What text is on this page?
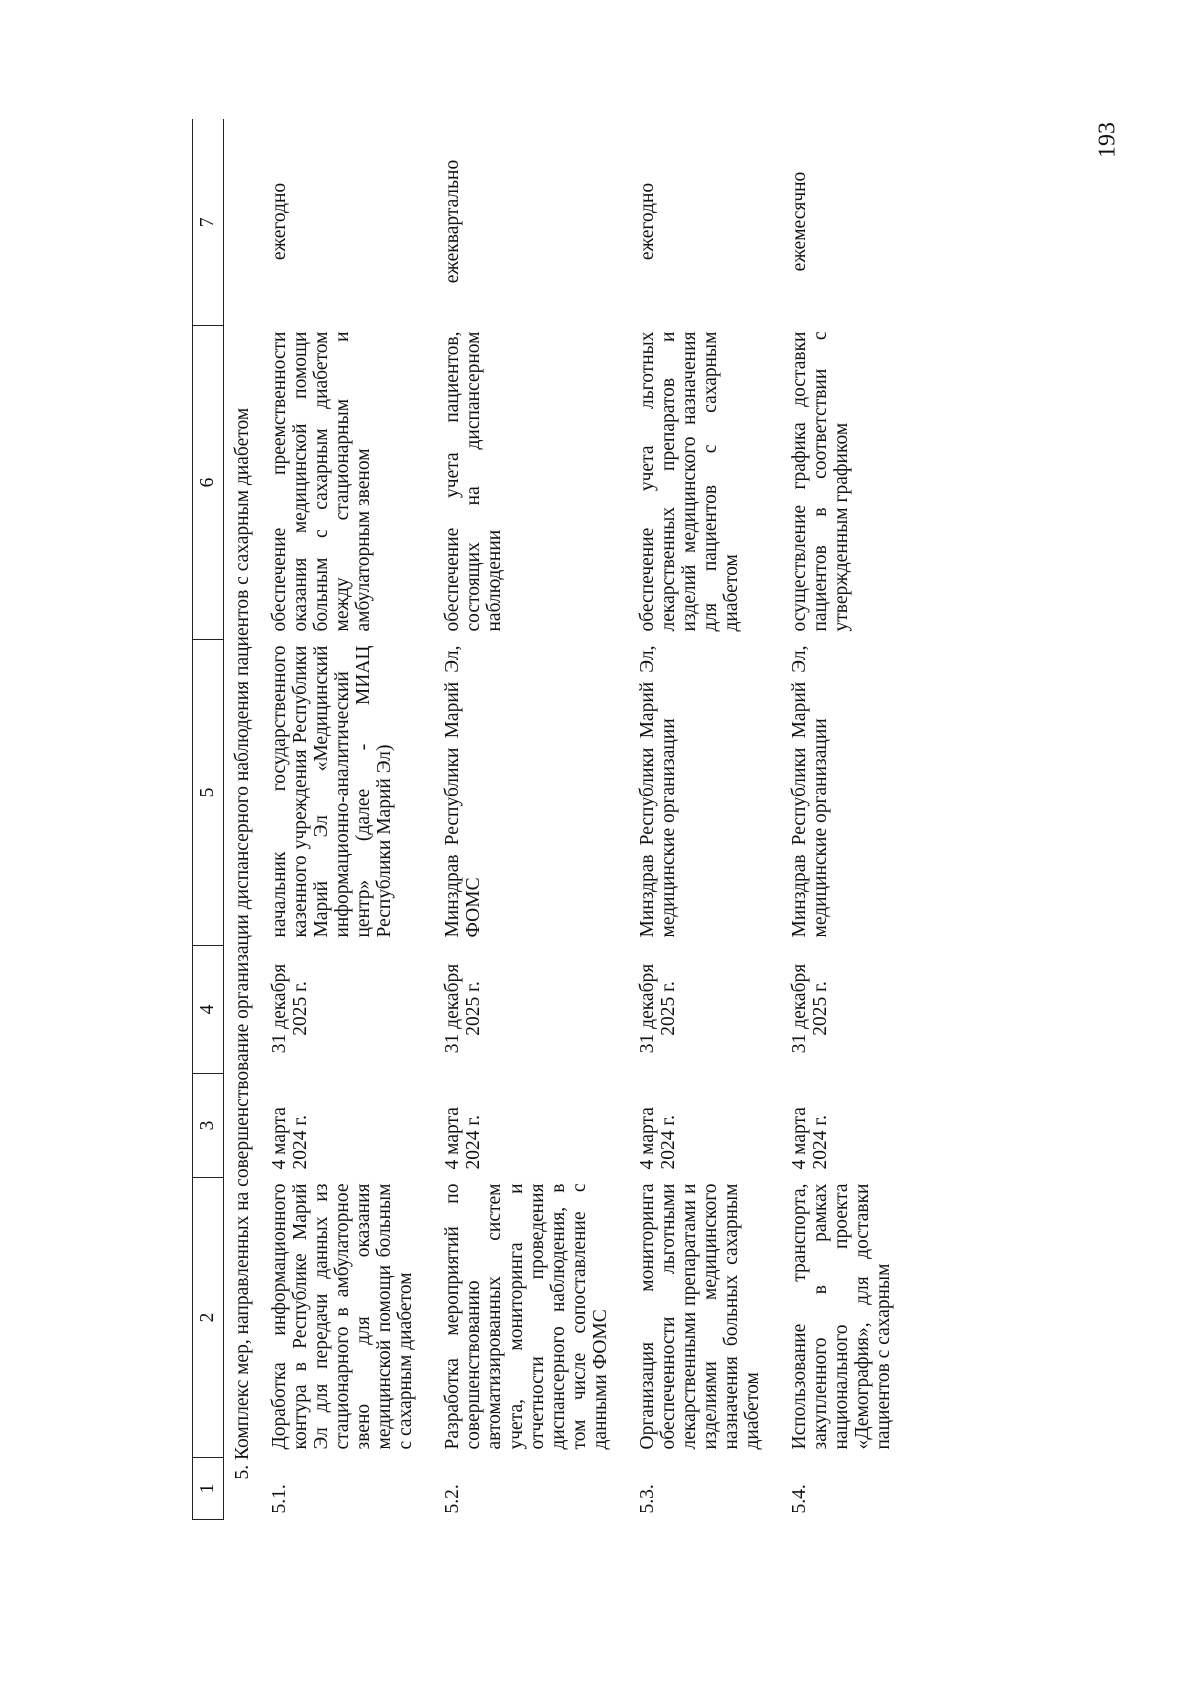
193
1	2	3	4	5	6	7
5. Комплекс мер, направленных на совершенствование организации диспансерного наблюдения пациентов с сахарным диабетом						
5.1.	Доработка информационного контура в Республике Марий Эл для передачи данных из стационарного в амбулаторное звено для оказания медицинской помощи больным с сахарным диабетом	4 марта 2024 г.	31 декабря 2025 г.	начальник государственного казенного учреждения Республики Марий Эл «Медицинский информационно-аналитический центр» (далее - МИАЦ Республики Марий Эл)	обеспечение преемственности оказания медицинской помощи больным с сахарным диабетом между стационарным и амбулаторным звеном	ежегодно
5.2.	Разработка мероприятий по совершенствованию автоматизированных систем учета, мониторинга и отчетности проведения диспансерного наблюдения, в том числе сопоставление с данными ФОМС	4 марта 2024 г.	31 декабря 2025 г.	Минздрав Республики Марий Эл, ФОМС	обеспечение учета пациентов, состоящих на диспансерном наблюдении	ежеквартально
5.3.	Организация мониторинга обеспеченности льготными лекарственными препаратами и изделиями медицинского назначения больных сахарным диабетом	4 марта 2024 г.	31 декабря 2025 г.	Минздрав Республики Марий Эл, медицинские организации	обеспечение учета льготных лекарственных препаратов и изделий медицинского назначения для пациентов с сахарным диабетом	ежегодно
5.4.	Использование транспорта, закупленного в рамках национального проекта «Демография», для доставки пациентов с сахарным	4 марта 2024 г.	31 декабря 2025 г.	Минздрав Республики Марий Эл, медицинские организации	осуществление графика доставки пациентов в соответствии с утвержденным графиком	ежемесячно
